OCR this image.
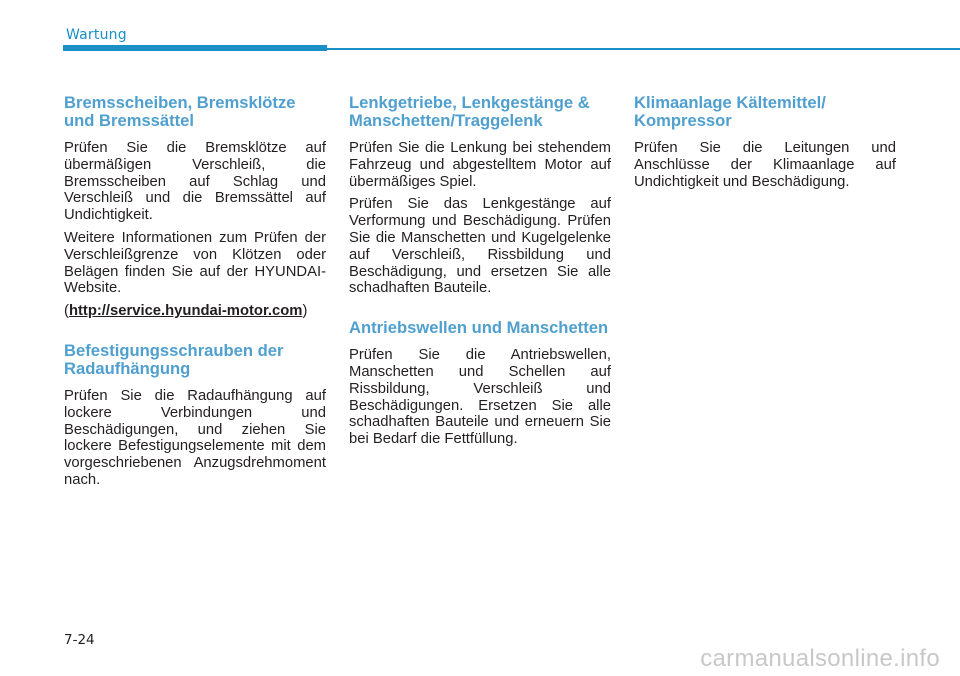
Wartung
Bremsscheiben, Bremsklötze und Bremssättel

Prüfen Sie die Bremsklötze auf übermäßigen Verschleiß, die Bremsscheiben auf Schlag und Verschleiß und die Bremssättel auf Undichtigkeit.

Weitere Informationen zum Prüfen der Verschleißgrenze von Klötzen oder Belägen finden Sie auf der HYUNDAI-Website.

(http://service.hyundai-motor.com)

Befestigungsschrauben der Radaufhängung

Prüfen Sie die Radaufhängung auf lockere Verbindungen und Beschädigungen, und ziehen Sie lockere Befestigungselemente mit dem vorgeschriebenen Anzugsdrehmoment nach.

Lenkgetriebe, Lenkgestänge & Manschetten/Traggelenk

Prüfen Sie die Lenkung bei stehendem Fahrzeug und abgestelltem Motor auf übermäßiges Spiel.

Prüfen Sie das Lenkgestänge auf Verformung und Beschädigung. Prüfen Sie die Manschetten und Kugelgelenke auf Verschleiß, Rissbildung und Beschädigung, und ersetzen Sie alle schadhaften Bauteile.

Antriebswellen und Manschetten

Prüfen Sie die Antriebswellen, Manschetten und Schellen auf Rissbildung, Verschleiß und Beschädigungen. Ersetzen Sie alle schadhaften Bauteile und erneuern Sie bei Bedarf die Fettfüllung.

Klimaanlage Kältemittel/ Kompressor

Prüfen Sie die Leitungen und Anschlüsse der Klimaanlage auf Undichtigkeit und Beschädigung.

7-24
carmanualsonline.info
